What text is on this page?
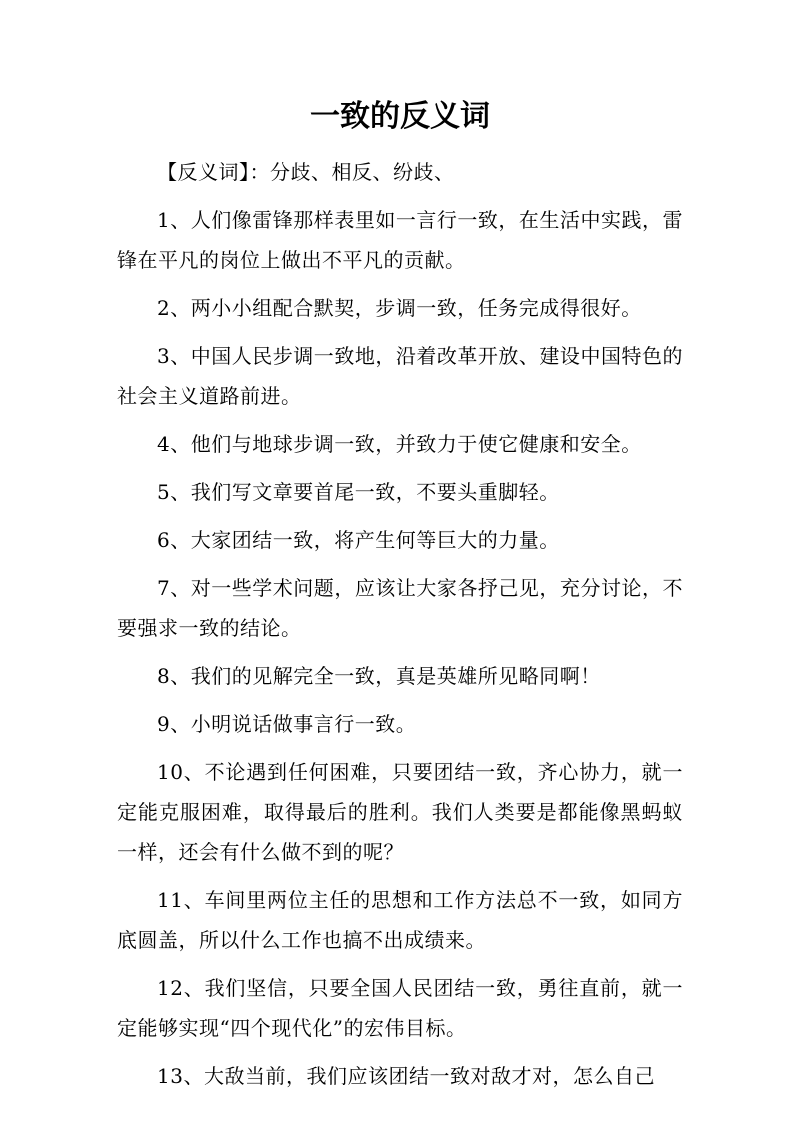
一致的反义词

【反义词】：分歧、相反、纷歧、

1、人们像雷锋那样表里如一言行一致，在生活中实践，雷锋在平凡的岗位上做出不平凡的贡献。

2、两小小组配合默契，步调一致，任务完成得很好。

3、中国人民步调一致地，沿着改革开放、建设中国特色的社会主义道路前进。

4、他们与地球步调一致，并致力于使它健康和安全。

5、我们写文章要首尾一致，不要头重脚轻。

6、大家团结一致，将产生何等巨大的力量。

7、对一些学术问题，应该让大家各抒己见，充分讨论，不要强求一致的结论。

8、我们的见解完全一致，真是英雄所见略同啊！

9、小明说话做事言行一致。

10、不论遇到任何困难，只要团结一致，齐心协力，就一定能克服困难，取得最后的胜利。我们人类要是都能像黑蚂蚁一样，还会有什么做不到的呢？

11、车间里两位主任的思想和工作方法总不一致，如同方底圆盖，所以什么工作也搞不出成绩来。

12、我们坚信，只要全国人民团结一致，勇往直前，就一定能够实现“四个现代化”的宏伟目标。

13、大敌当前，我们应该团结一致对敌才对，怎么自己
